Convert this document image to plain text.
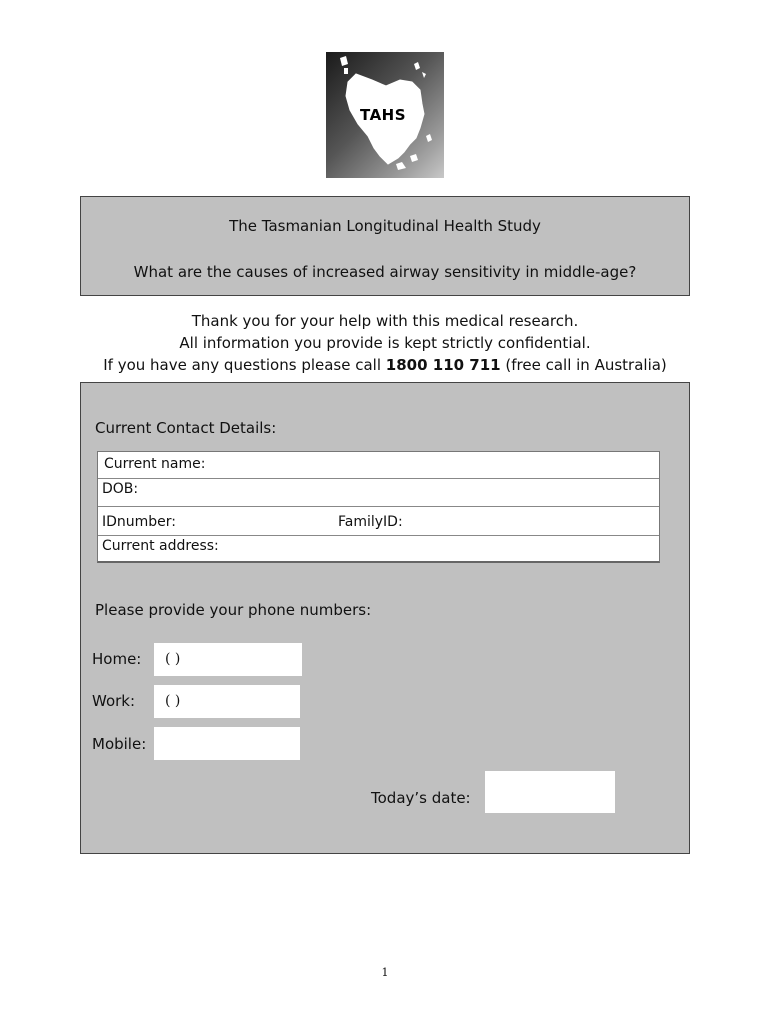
TAHS
The Tasmanian Longitudinal Health Study
What are the causes of increased airway sensitivity in middle-age?
Thank you for your help with this medical research.
All information you provide is kept strictly confidential.
If you have any questions please call 1800 110 711 (free call in Australia)
Current Contact Details:
Current name:
DOB:
IDnumber:	FamilyID:
Current address:
Please provide your phone numbers:
Home:	( )
Work:	( )
Mobile:
Today’s date:
1
